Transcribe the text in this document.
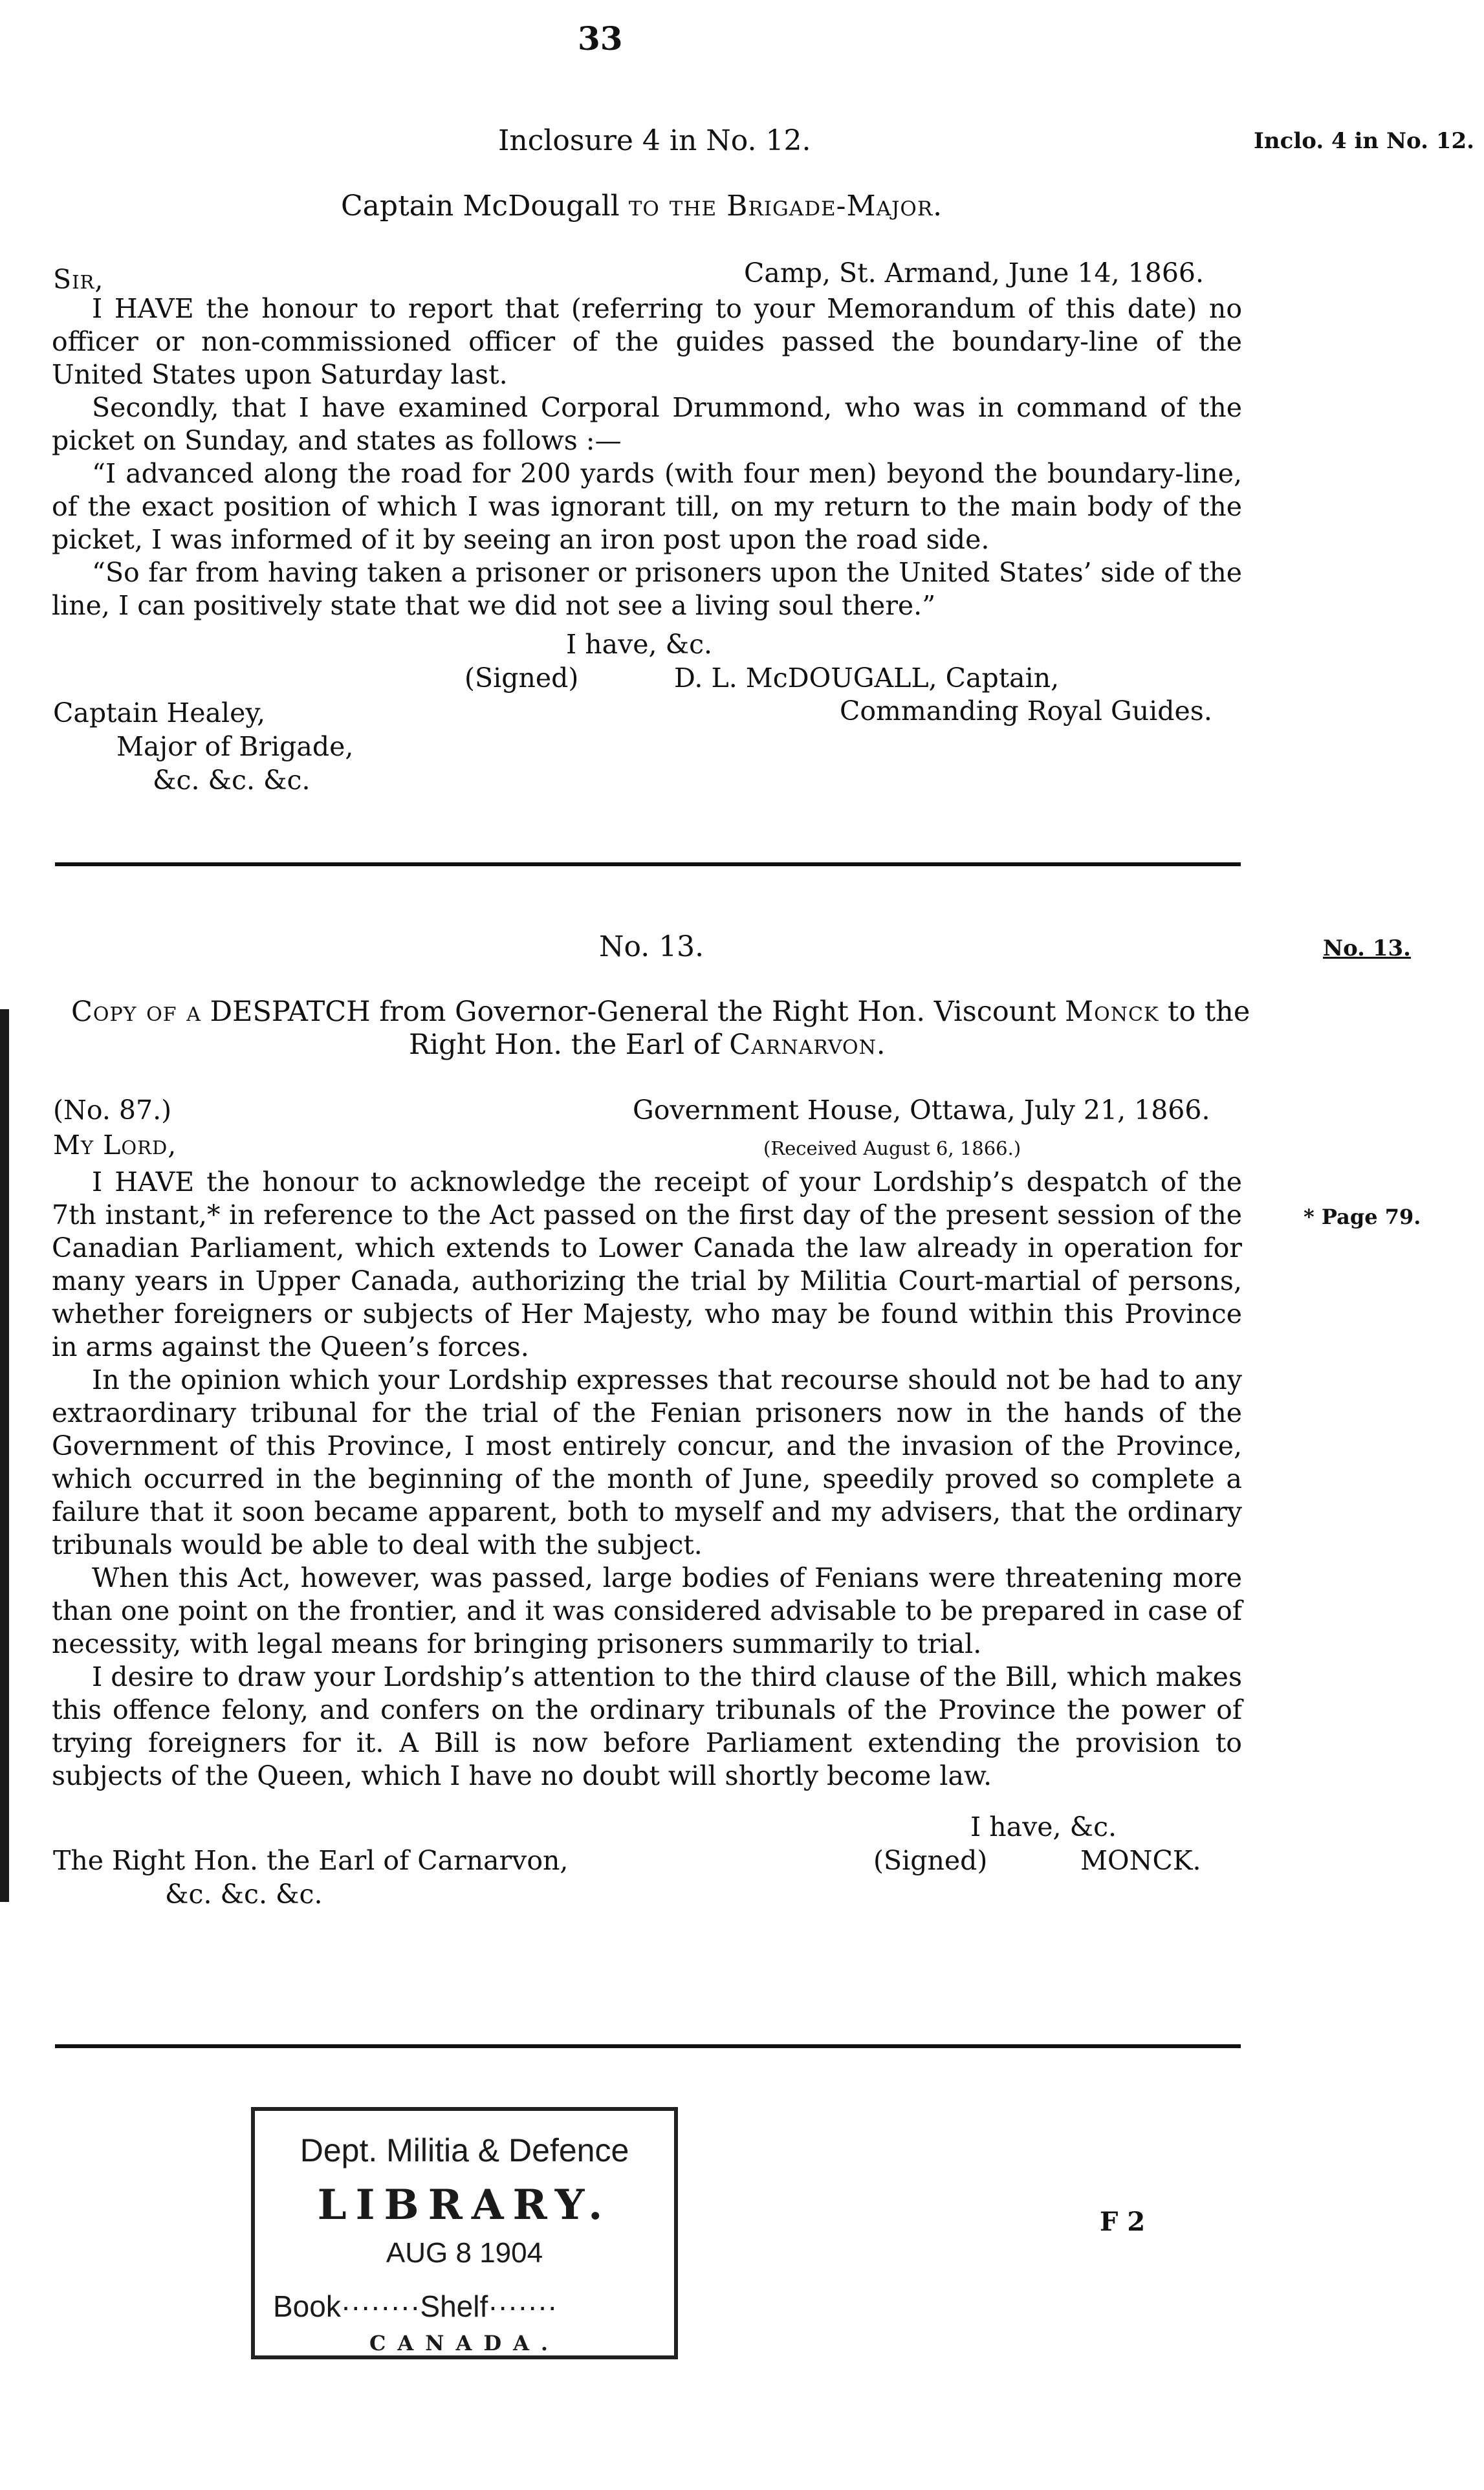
33
Inclosure 4 in No. 12.	Inclo. 4 in No. 12.
Captain McDougall to the Brigade-Major.
Sir,	Camp, St. Armand, June 14, 1866.

I HAVE the honour to report that (referring to your Memorandum of this date) no officer or non-commissioned officer of the guides passed the boundary-line of the United States upon Saturday last.

Secondly, that I have examined Corporal Drummond, who was in command of the picket on Sunday, and states as follows :—

“I advanced along the road for 200 yards (with four men) beyond the boundary-line, of the exact position of which I was ignorant till, on my return to the main body of the picket, I was informed of it by seeing an iron post upon the road side.

“So far from having taken a prisoner or prisoners upon the United States’ side of the line, I can positively state that we did not see a living soul there.”

I have, &c.
(Signed)	D. L. McDOUGALL, Captain,
Captain Healey,	Commanding Royal Guides.
Major of Brigade,
&c. &c. &c.
No. 13.	No. 13.
Copy of a DESPATCH from Governor-General the Right Hon. Viscount Monck to the
Right Hon. the Earl of Carnarvon.
(No. 87.)	Government House, Ottawa, July 21, 1866.
My Lord,	(Received August 6, 1866.)
* Page 79.

I HAVE the honour to acknowledge the receipt of your Lordship’s despatch of the 7th instant,* in reference to the Act passed on the first day of the present session of the Canadian Parliament, which extends to Lower Canada the law already in operation for many years in Upper Canada, authorizing the trial by Militia Court-martial of persons, whether foreigners or subjects of Her Majesty, who may be found within this Province in arms against the Queen’s forces.

In the opinion which your Lordship expresses that recourse should not be had to any extraordinary tribunal for the trial of the Fenian prisoners now in the hands of the Government of this Province, I most entirely concur, and the invasion of the Province, which occurred in the beginning of the month of June, speedily proved so complete a failure that it soon became apparent, both to myself and my advisers, that the ordinary tribunals would be able to deal with the subject.

When this Act, however, was passed, large bodies of Fenians were threatening more than one point on the frontier, and it was considered advisable to be prepared in case of necessity, with legal means for bringing prisoners summarily to trial.

I desire to draw your Lordship’s attention to the third clause of the Bill, which makes this offence felony, and confers on the ordinary tribunals of the Province the power of trying foreigners for it. A Bill is now before Parliament extending the provision to subjects of the Queen, which I have no doubt will shortly become law.

I have, &c.
The Right Hon. the Earl of Carnarvon,	(Signed)	MONCK.
&c. &c. &c.
Dept. Militia & Defence
LIBRARY.
AUG 8 1904
Book········Shelf·······
CANADA.
F 2
